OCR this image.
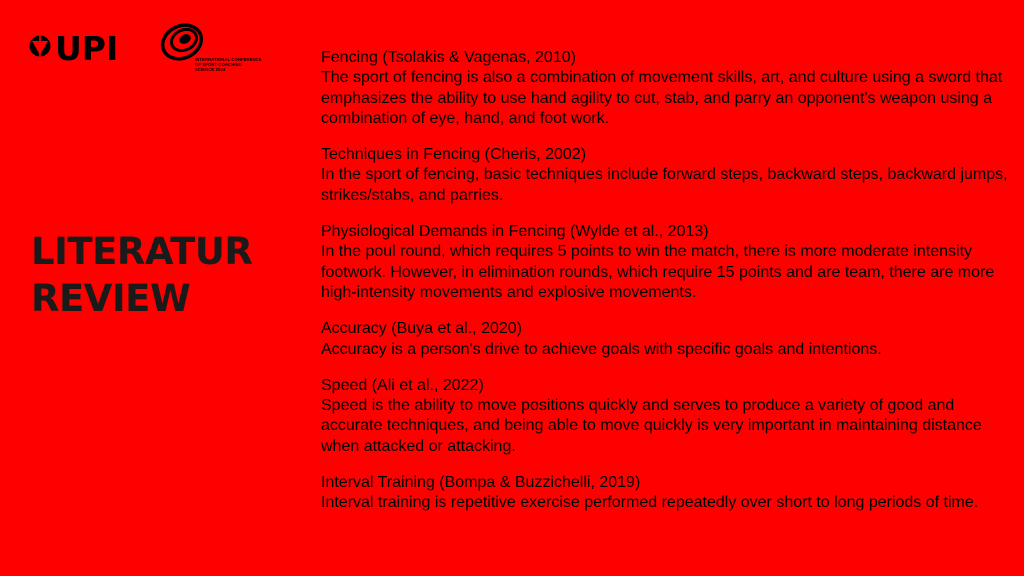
UPI	INTERNATIONAL CONFERENCE
OF SPORT COACHING
SCIENCE 2024
LITERATUR
REVIEW
Fencing (Tsolakis & Vagenas, 2010)
The sport of fencing is also a combination of movement skills, art, and culture using a sword that emphasizes the ability to use hand agility to cut, stab, and parry an opponent's weapon using a combination of eye, hand, and foot work.
Techniques in Fencing (Cheris, 2002)
In the sport of fencing, basic techniques include forward steps, backward steps, backward jumps, strikes/stabs, and parries.
Physiological Demands in Fencing (Wylde et al., 2013)
In the poul round, which requires 5 points to win the match, there is more moderate intensity footwork. However, in elimination rounds, which require 15 points and are team, there are more high-intensity movements and explosive movements.
Accuracy (Buya et al., 2020)
Accuracy is a person's drive to achieve goals with specific goals and intentions.
Speed (Ali et al., 2022)
Speed is the ability to move positions quickly and serves to produce a variety of good and accurate techniques, and being able to move quickly is very important in maintaining distance when attacked or attacking.
Interval Training (Bompa & Buzzichelli, 2019)
Interval training is repetitive exercise performed repeatedly over short to long periods of time.
